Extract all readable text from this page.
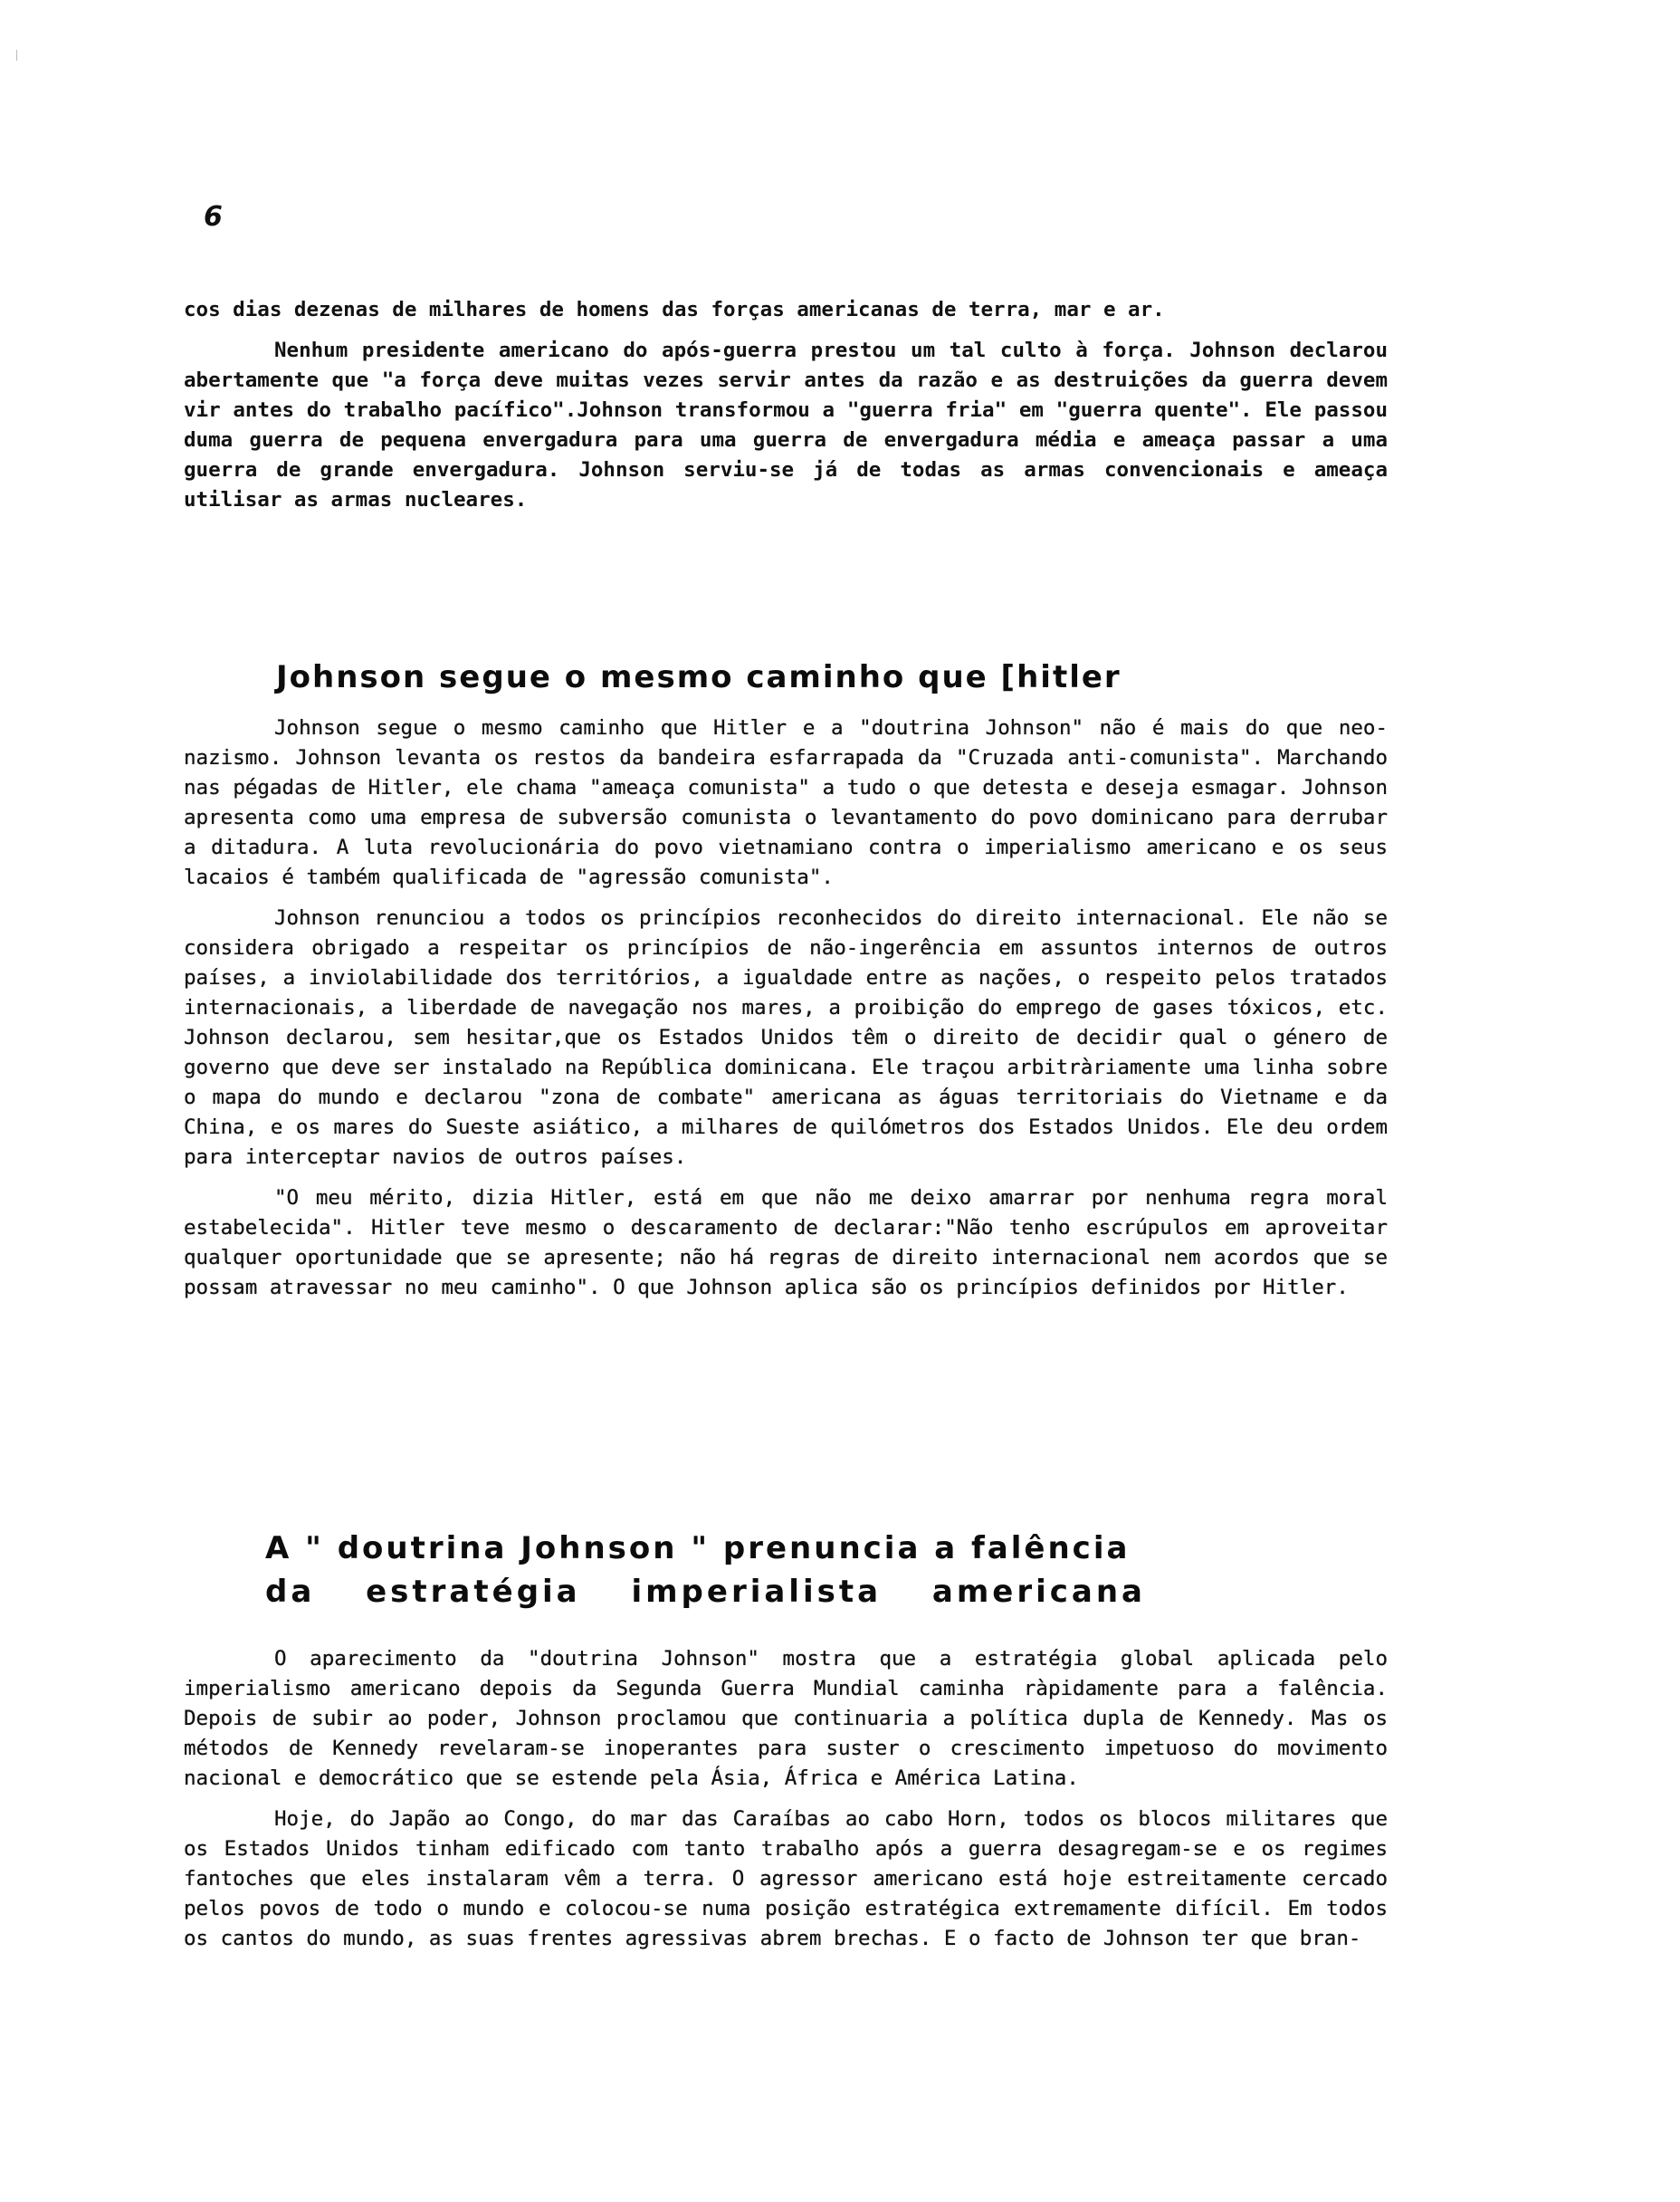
6

cos dias dezenas de milhares de homens das forças americanas de terra, mar e ar.

Nenhum presidente americano do após-guerra prestou um tal culto à força. Johnson declarou abertamente que "a força deve muitas vezes servir antes da razão e as destruições da guerra devem vir antes do trabalho pacífico".Johnson transformou a "guerra fria" em "guerra quente". Ele passou duma guerra de pequena envergadura para uma guerra de envergadura média e ameaça passar a uma guerra de grande envergadura. Johnson serviu-se já de todas as armas convencionais e ameaça utilisar as armas nucleares.

Johnson segue o mesmo caminho que [hitler

Johnson segue o mesmo caminho que Hitler e a "doutrina Johnson" não é mais do que neo-nazismo. Johnson levanta os restos da bandeira esfarrapada da "Cruzada anti-comunista". Marchando nas pégadas de Hitler, ele chama "ameaça comunista" a tudo o que detesta e deseja esmagar. Johnson apresenta como uma empresa de subversão comunista o levantamento do povo dominicano para derrubar a ditadura. A luta revolucionária do povo vietnamiano contra o imperialismo americano e os seus lacaios é também qualificada de "agressão comunista".

Johnson renunciou a todos os princípios reconhecidos do direito internacional. Ele não se considera obrigado a respeitar os princípios de não-ingerência em assuntos internos de outros países, a inviolabilidade dos territórios, a igualdade entre as nações, o respeito pelos tratados internacionais, a liberdade de navegação nos mares, a proibição do emprego de gases tóxicos, etc. Johnson declarou, sem hesitar,que os Estados Unidos têm o direito de decidir qual o género de governo que deve ser instalado na República dominicana. Ele traçou arbitràriamente uma linha sobre o mapa do mundo e declarou "zona de combate" americana as águas territoriais do Vietname e da China, e os mares do Sueste asiático, a milhares de quilómetros dos Estados Unidos. Ele deu ordem para interceptar navios de outros países.

"O meu mérito, dizia Hitler, está em que não me deixo amarrar por nenhuma regra moral estabelecida". Hitler teve mesmo o descaramento de declarar:"Não tenho escrúpulos em aproveitar qualquer oportunidade que se apresente; não há regras de direito internacional nem acordos que se possam atravessar no meu caminho". O que Johnson aplica são os princípios definidos por Hitler.

A " doutrina Johnson " prenuncia a falência
da estratégia imperialista americana

O aparecimento da "doutrina Johnson" mostra que a estratégia global aplicada pelo imperialismo americano depois da Segunda Guerra Mundial caminha ràpidamente para a falência. Depois de subir ao poder, Johnson proclamou que continuaria a política dupla de Kennedy. Mas os métodos de Kennedy revelaram-se inoperantes para suster o crescimento impetuoso do movimento nacional e democrático que se estende pela Ásia, África e América Latina.

Hoje, do Japão ao Congo, do mar das Caraíbas ao cabo Horn, todos os blocos militares que os Estados Unidos tinham edificado com tanto trabalho após a guerra desagregam-se e os regimes fantoches que eles instalaram vêm a terra. O agressor americano está hoje estreitamente cercado pelos povos de todo o mundo e colocou-se numa posição estratégica extremamente difícil. Em todos os cantos do mundo, as suas frentes agressivas abrem brechas. E o facto de Johnson ter que bran-
